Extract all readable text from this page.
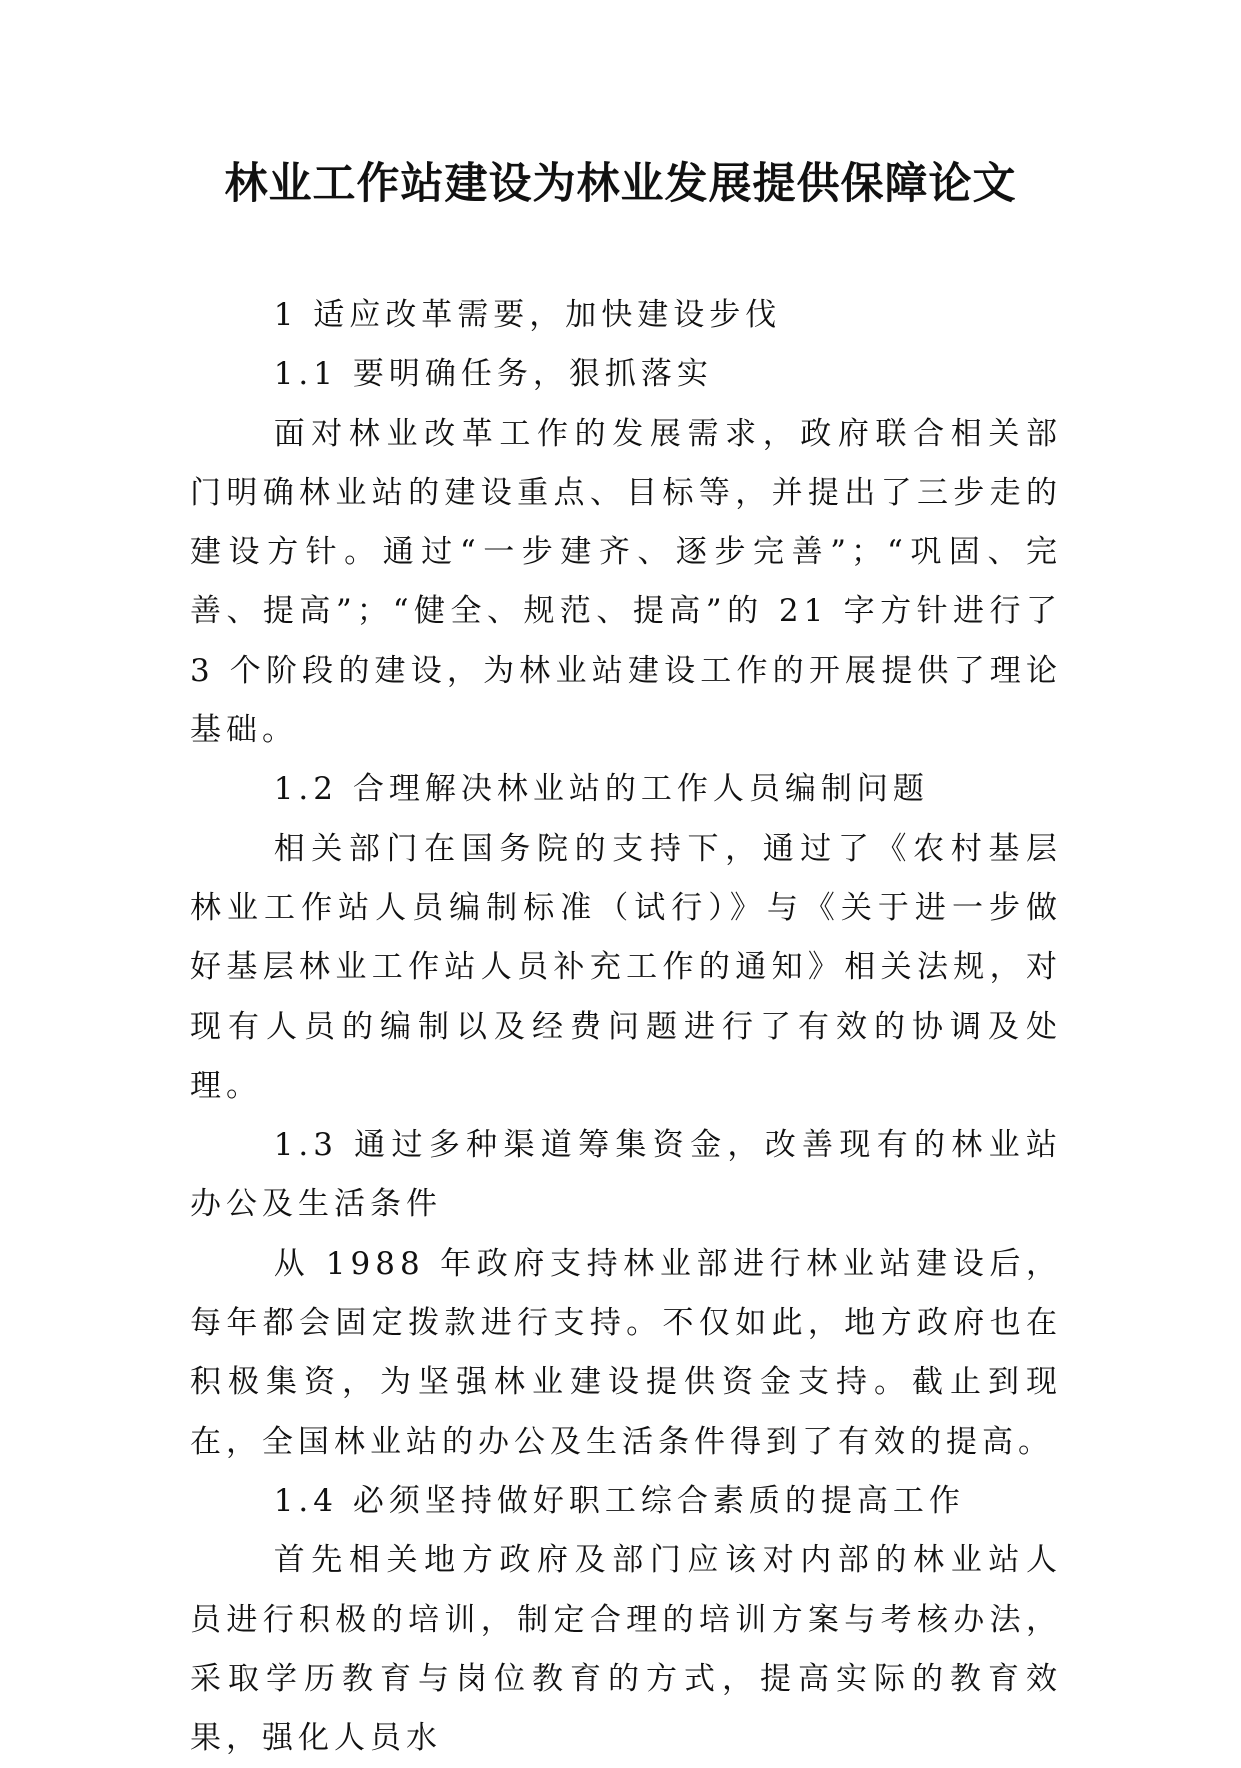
林业工作站建设为林业发展提供保障论文

1 适应改革需要，加快建设步伐

1.1 要明确任务，狠抓落实

面对林业改革工作的发展需求，政府联合相关部门明确林业站的建设重点、目标等，并提出了三步走的建设方针。通过“一步建齐、逐步完善”；“巩固、完善、提高”；“健全、规范、提高”的 21 字方针进行了 3 个阶段的建设，为林业站建设工作的开展提供了理论基础。

1.2 合理解决林业站的工作人员编制问题

相关部门在国务院的支持下，通过了《农村基层林业工作站人员编制标准（试行）》与《关于进一步做好基层林业工作站人员补充工作的通知》相关法规，对现有人员的编制以及经费问题进行了有效的协调及处理。

1.3 通过多种渠道筹集资金，改善现有的林业站办公及生活条件

从 1988 年政府支持林业部进行林业站建设后，每年都会固定拨款进行支持。不仅如此，地方政府也在积极集资，为坚强林业建设提供资金支持。截止到现在，全国林业站的办公及生活条件得到了有效的提高。

1.4 必须坚持做好职工综合素质的提高工作

首先相关地方政府及部门应该对内部的林业站人员进行积极的培训，制定合理的培训方案与考核办法，采取学历教育与岗位教育的方式，提高实际的教育效果，强化人员水
